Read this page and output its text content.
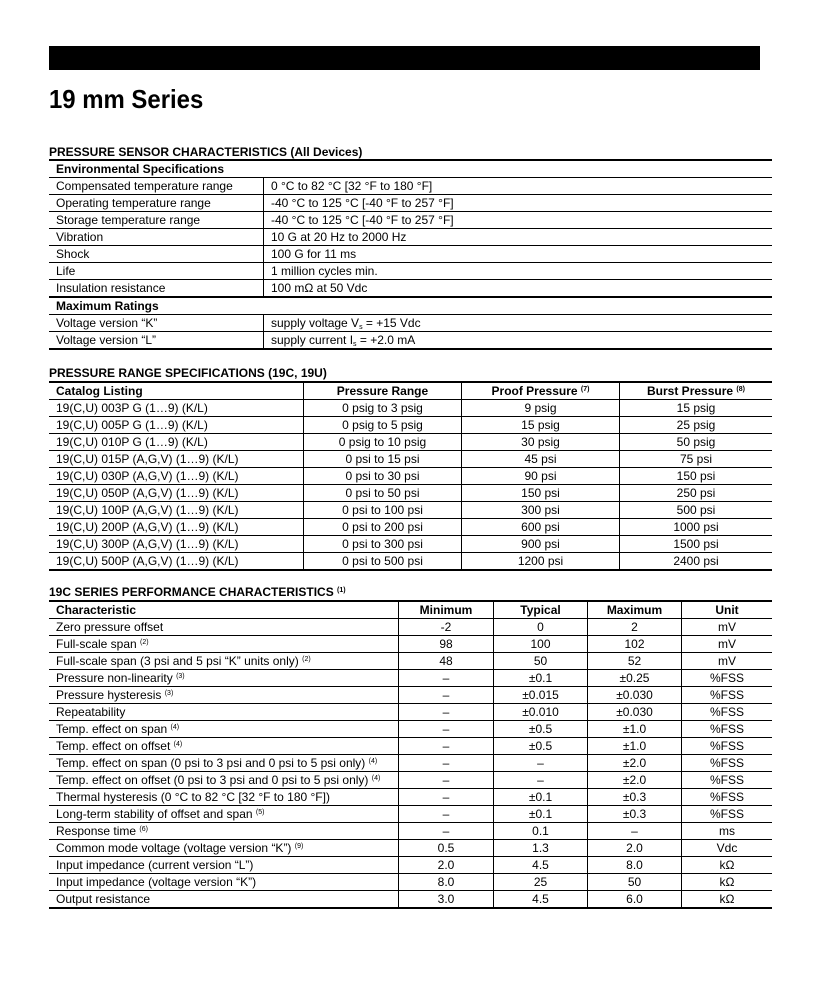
19 mm Series
PRESSURE SENSOR CHARACTERISTICS (All Devices)
Environmental Specifications	
Compensated temperature range	0 °C to 82 °C [32 °F to 180 °F]
Operating temperature range	-40 °C to 125 °C [-40 °F to 257 °F]
Storage temperature range	-40 °C to 125 °C [-40 °F to 257 °F]
Vibration	10 G at 20 Hz to 2000 Hz
Shock	100 G for 11 ms
Life	1 million cycles min.
Insulation resistance	100 mΩ at 50 Vdc
Maximum Ratings	
Voltage version “K”	supply voltage $V_s = +15$ Vdc
Voltage version “L”	supply current $I_s = +2.0$ mA
PRESSURE RANGE SPECIFICATIONS (19C, 19U)
Catalog Listing	Pressure Range	Proof Pressure $^{(7)}$	Burst Pressure $^{(8)}$
19(C,U) 003P G (1…9) (K/L)	0 psig to 3 psig	9 psig	15 psig
19(C,U) 005P G (1…9) (K/L)	0 psig to 5 psig	15 psig	25 psig
19(C,U) 010P G (1…9) (K/L)	0 psig to 10 psig	30 psig	50 psig
19(C,U) 015P (A,G,V) (1…9) (K/L)	0 psi to 15 psi	45 psi	75 psi
19(C,U) 030P (A,G,V) (1…9) (K/L)	0 psi to 30 psi	90 psi	150 psi
19(C,U) 050P (A,G,V) (1…9) (K/L)	0 psi to 50 psi	150 psi	250 psi
19(C,U) 100P (A,G,V) (1…9) (K/L)	0 psi to 100 psi	300 psi	500 psi
19(C,U) 200P (A,G,V) (1…9) (K/L)	0 psi to 200 psi	600 psi	1000 psi
19(C,U) 300P (A,G,V) (1…9) (K/L)	0 psi to 300 psi	900 psi	1500 psi
19(C,U) 500P (A,G,V) (1…9) (K/L)	0 psi to 500 psi	1200 psi	2400 psi
19C SERIES PERFORMANCE CHARACTERISTICS $^{(1)}$
Characteristic	Minimum	Typical	Maximum	Unit
Zero pressure offset	-2	0	2	mV
Full-scale span $^{(2)}$	98	100	102	mV
Full-scale span (3 psi and 5 psi “K” units only) $^{(2)}$	48	50	52	mV
Pressure non-linearity $^{(3)}$	–	±0.1	±0.25	%FSS
Pressure hysteresis $^{(3)}$	–	±0.015	±0.030	%FSS
Repeatability	–	±0.010	±0.030	%FSS
Temp. effect on span $^{(4)}$	–	±0.5	±1.0	%FSS
Temp. effect on offset $^{(4)}$	–	±0.5	±1.0	%FSS
Temp. effect on span (0 psi to 3 psi and 0 psi to 5 psi only) $^{(4)}$	–	–	±2.0	%FSS
Temp. effect on offset (0 psi to 3 psi and 0 psi to 5 psi only) $^{(4)}$	–	–	±2.0	%FSS
Thermal hysteresis (0 °C to 82 °C [32 °F to 180 °F])	–	±0.1	±0.3	%FSS
Long-term stability of offset and span $^{(5)}$	–	±0.1	±0.3	%FSS
Response time $^{(6)}$	–	0.1	–	ms
Common mode voltage (voltage version “K”) $^{(9)}$	0.5	1.3	2.0	Vdc
Input impedance (current version “L”)	2.0	4.5	8.0	kΩ
Input impedance (voltage version “K”)	8.0	25	50	kΩ
Output resistance	3.0	4.5	6.0	kΩ
